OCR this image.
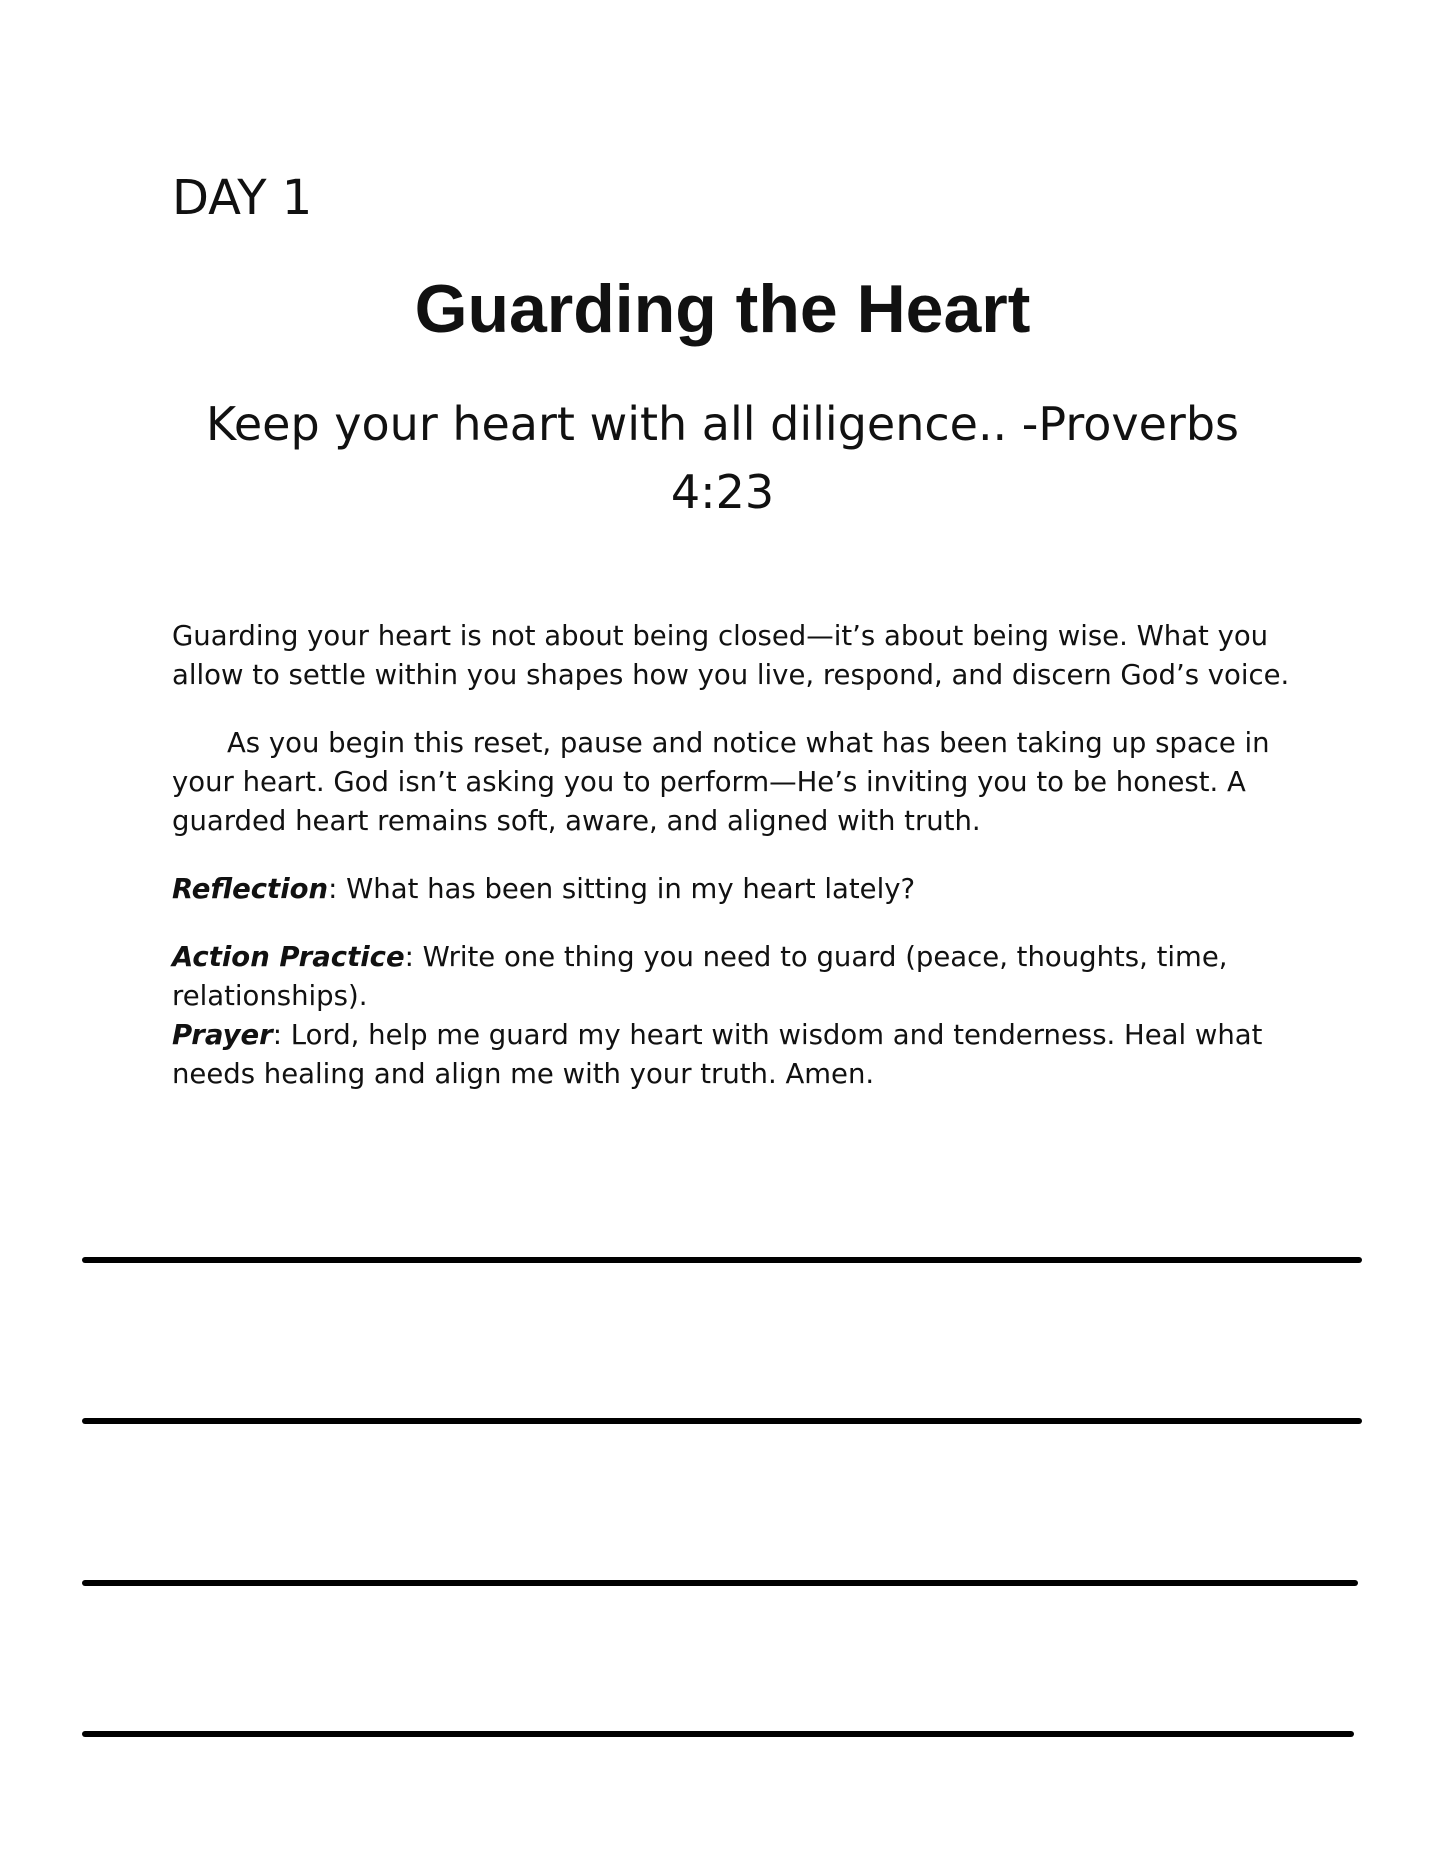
DAY 1
Guarding the Heart
Keep your heart with all diligence.. -Proverbs 4:23

Guarding your heart is not about being closed—it’s about being wise. What you allow to settle within you shapes how you live, respond, and discern God’s voice.

As you begin this reset, pause and notice what has been taking up space in your heart. God isn’t asking you to perform—He’s inviting you to be honest. A guarded heart remains soft, aware, and aligned with truth.

Reflection: What has been sitting in my heart lately?

Action Practice: Write one thing you need to guard (peace, thoughts, time, relationships).

Prayer: Lord, help me guard my heart with wisdom and tenderness. Heal what needs healing and align me with your truth. Amen.
